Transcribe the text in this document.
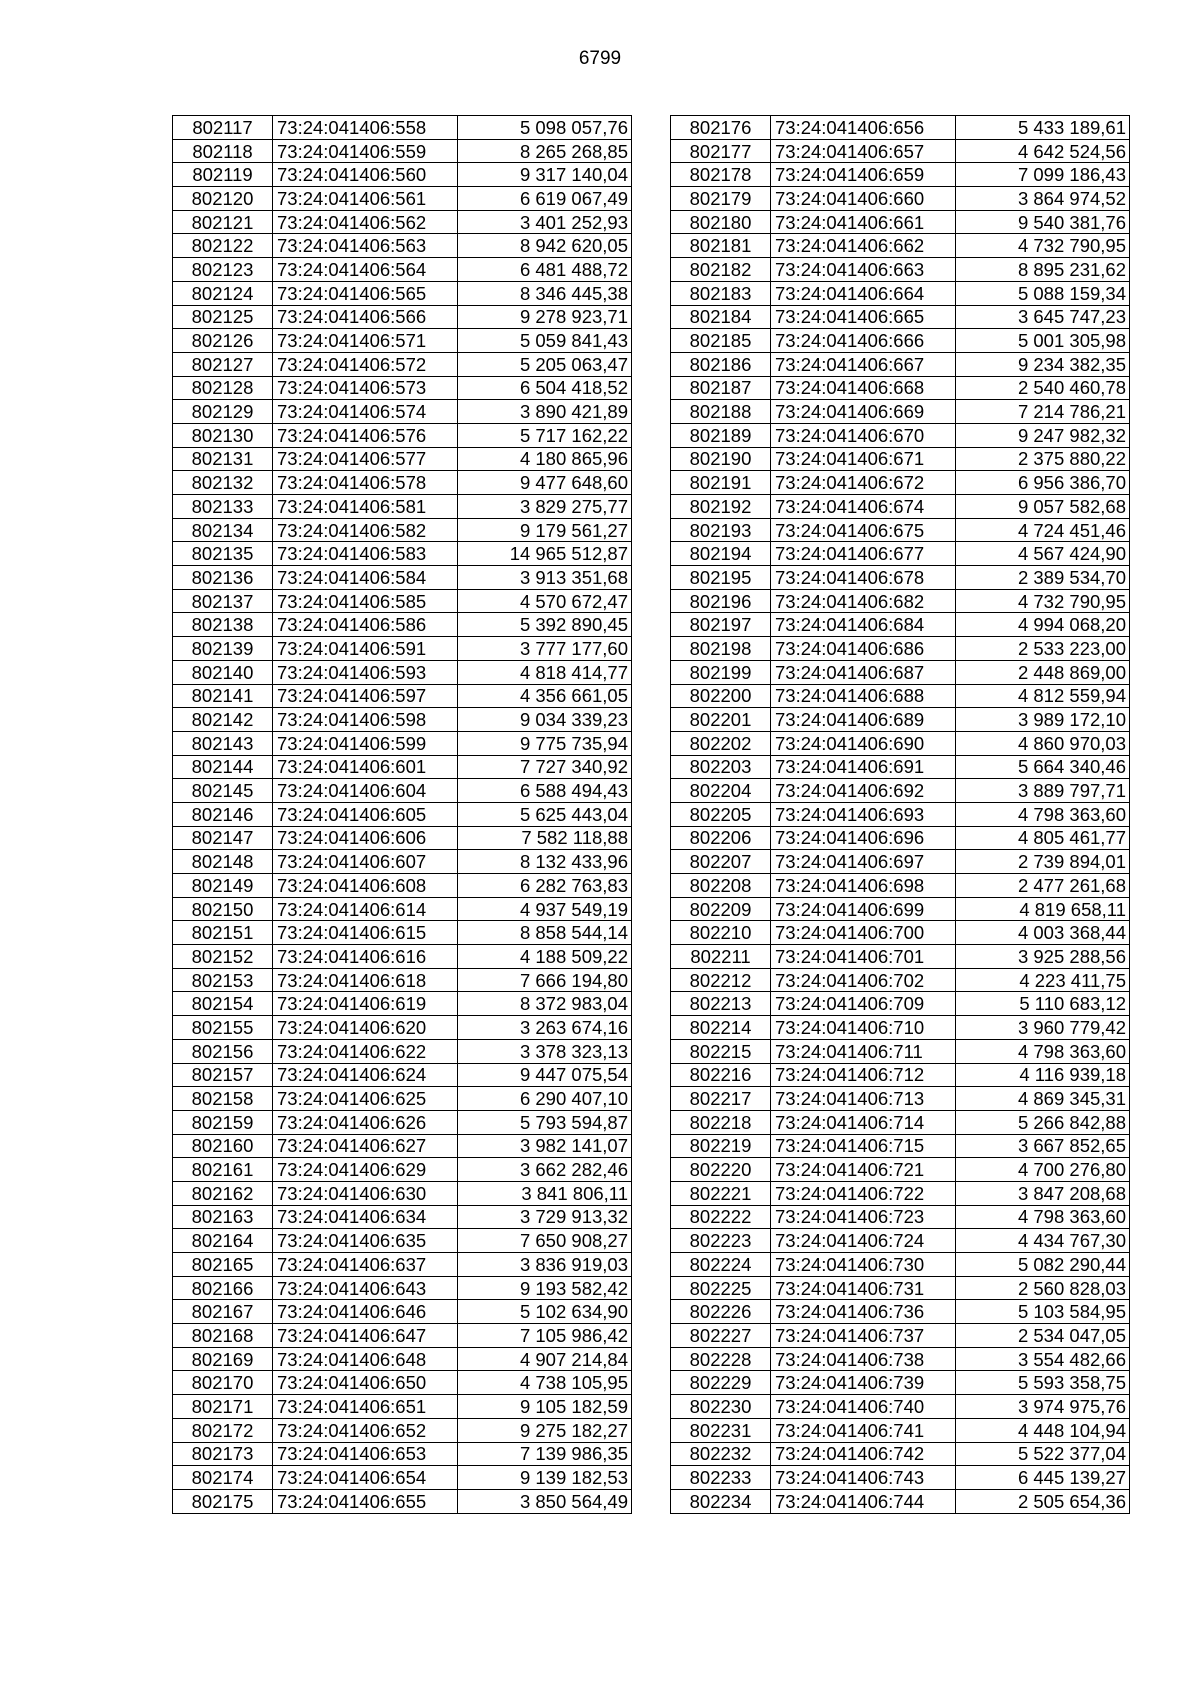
6799
802117	73:24:041406:558	5 098 057,76
802118	73:24:041406:559	8 265 268,85
802119	73:24:041406:560	9 317 140,04
802120	73:24:041406:561	6 619 067,49
802121	73:24:041406:562	3 401 252,93
802122	73:24:041406:563	8 942 620,05
802123	73:24:041406:564	6 481 488,72
802124	73:24:041406:565	8 346 445,38
802125	73:24:041406:566	9 278 923,71
802126	73:24:041406:571	5 059 841,43
802127	73:24:041406:572	5 205 063,47
802128	73:24:041406:573	6 504 418,52
802129	73:24:041406:574	3 890 421,89
802130	73:24:041406:576	5 717 162,22
802131	73:24:041406:577	4 180 865,96
802132	73:24:041406:578	9 477 648,60
802133	73:24:041406:581	3 829 275,77
802134	73:24:041406:582	9 179 561,27
802135	73:24:041406:583	14 965 512,87
802136	73:24:041406:584	3 913 351,68
802137	73:24:041406:585	4 570 672,47
802138	73:24:041406:586	5 392 890,45
802139	73:24:041406:591	3 777 177,60
802140	73:24:041406:593	4 818 414,77
802141	73:24:041406:597	4 356 661,05
802142	73:24:041406:598	9 034 339,23
802143	73:24:041406:599	9 775 735,94
802144	73:24:041406:601	7 727 340,92
802145	73:24:041406:604	6 588 494,43
802146	73:24:041406:605	5 625 443,04
802147	73:24:041406:606	7 582 118,88
802148	73:24:041406:607	8 132 433,96
802149	73:24:041406:608	6 282 763,83
802150	73:24:041406:614	4 937 549,19
802151	73:24:041406:615	8 858 544,14
802152	73:24:041406:616	4 188 509,22
802153	73:24:041406:618	7 666 194,80
802154	73:24:041406:619	8 372 983,04
802155	73:24:041406:620	3 263 674,16
802156	73:24:041406:622	3 378 323,13
802157	73:24:041406:624	9 447 075,54
802158	73:24:041406:625	6 290 407,10
802159	73:24:041406:626	5 793 594,87
802160	73:24:041406:627	3 982 141,07
802161	73:24:041406:629	3 662 282,46
802162	73:24:041406:630	3 841 806,11
802163	73:24:041406:634	3 729 913,32
802164	73:24:041406:635	7 650 908,27
802165	73:24:041406:637	3 836 919,03
802166	73:24:041406:643	9 193 582,42
802167	73:24:041406:646	5 102 634,90
802168	73:24:041406:647	7 105 986,42
802169	73:24:041406:648	4 907 214,84
802170	73:24:041406:650	4 738 105,95
802171	73:24:041406:651	9 105 182,59
802172	73:24:041406:652	9 275 182,27
802173	73:24:041406:653	7 139 986,35
802174	73:24:041406:654	9 139 182,53
802175	73:24:041406:655	3 850 564,49
802176	73:24:041406:656	5 433 189,61
802177	73:24:041406:657	4 642 524,56
802178	73:24:041406:659	7 099 186,43
802179	73:24:041406:660	3 864 974,52
802180	73:24:041406:661	9 540 381,76
802181	73:24:041406:662	4 732 790,95
802182	73:24:041406:663	8 895 231,62
802183	73:24:041406:664	5 088 159,34
802184	73:24:041406:665	3 645 747,23
802185	73:24:041406:666	5 001 305,98
802186	73:24:041406:667	9 234 382,35
802187	73:24:041406:668	2 540 460,78
802188	73:24:041406:669	7 214 786,21
802189	73:24:041406:670	9 247 982,32
802190	73:24:041406:671	2 375 880,22
802191	73:24:041406:672	6 956 386,70
802192	73:24:041406:674	9 057 582,68
802193	73:24:041406:675	4 724 451,46
802194	73:24:041406:677	4 567 424,90
802195	73:24:041406:678	2 389 534,70
802196	73:24:041406:682	4 732 790,95
802197	73:24:041406:684	4 994 068,20
802198	73:24:041406:686	2 533 223,00
802199	73:24:041406:687	2 448 869,00
802200	73:24:041406:688	4 812 559,94
802201	73:24:041406:689	3 989 172,10
802202	73:24:041406:690	4 860 970,03
802203	73:24:041406:691	5 664 340,46
802204	73:24:041406:692	3 889 797,71
802205	73:24:041406:693	4 798 363,60
802206	73:24:041406:696	4 805 461,77
802207	73:24:041406:697	2 739 894,01
802208	73:24:041406:698	2 477 261,68
802209	73:24:041406:699	4 819 658,11
802210	73:24:041406:700	4 003 368,44
802211	73:24:041406:701	3 925 288,56
802212	73:24:041406:702	4 223 411,75
802213	73:24:041406:709	5 110 683,12
802214	73:24:041406:710	3 960 779,42
802215	73:24:041406:711	4 798 363,60
802216	73:24:041406:712	4 116 939,18
802217	73:24:041406:713	4 869 345,31
802218	73:24:041406:714	5 266 842,88
802219	73:24:041406:715	3 667 852,65
802220	73:24:041406:721	4 700 276,80
802221	73:24:041406:722	3 847 208,68
802222	73:24:041406:723	4 798 363,60
802223	73:24:041406:724	4 434 767,30
802224	73:24:041406:730	5 082 290,44
802225	73:24:041406:731	2 560 828,03
802226	73:24:041406:736	5 103 584,95
802227	73:24:041406:737	2 534 047,05
802228	73:24:041406:738	3 554 482,66
802229	73:24:041406:739	5 593 358,75
802230	73:24:041406:740	3 974 975,76
802231	73:24:041406:741	4 448 104,94
802232	73:24:041406:742	5 522 377,04
802233	73:24:041406:743	6 445 139,27
802234	73:24:041406:744	2 505 654,36
